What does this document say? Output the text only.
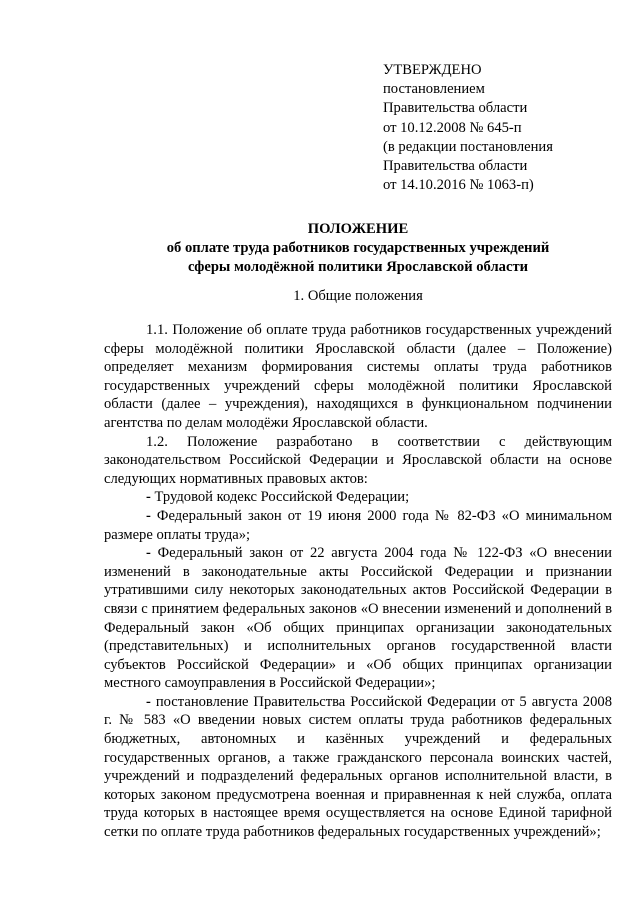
УТВЕРЖДЕНО
постановлением
Правительства области
от 10.12.2008 № 645-п
(в редакции постановления
Правительства области
от 14.10.2016 № 1063-п)
ПОЛОЖЕНИЕ
об оплате труда работников государственных учреждений
сферы молодёжной политики Ярославской области
1. Общие положения

1.1. Положение об оплате труда работников государственных учреждений сферы молодёжной политики Ярославской области (далее – Положение) определяет механизм формирования системы оплаты труда работников государственных учреждений сферы молодёжной политики Ярославской области (далее – учреждения), находящихся в функциональном подчинении агентства по делам молодёжи Ярославской области.

1.2. Положение разработано в соответствии с действующим законодательством Российской Федерации и Ярославской области на основе следующих нормативных правовых актов:

- Трудовой кодекс Российской Федерации;

- Федеральный закон от 19 июня 2000 года № 82-ФЗ «О минимальном размере оплаты труда»;

- Федеральный закон от 22 августа 2004 года № 122-ФЗ «О внесении изменений в законодательные акты Российской Федерации и признании утратившими силу некоторых законодательных актов Российской Федерации в связи с принятием федеральных законов «О внесении изменений и дополнений в Федеральный закон «Об общих принципах организации законодательных (представительных) и исполнительных органов государственной власти субъектов Российской Федерации» и «Об общих принципах организации местного самоуправления в Российской Федерации»;

- постановление Правительства Российской Федерации от 5 августа 2008 г. № 583 «О введении новых систем оплаты труда работников федеральных бюджетных, автономных и казённых учреждений и федеральных государственных органов, а также гражданского персонала воинских частей, учреждений и подразделений федеральных органов исполнительной власти, в которых законом предусмотрена военная и приравненная к ней служба, оплата труда которых в настоящее время осуществляется на основе Единой тарифной сетки по оплате труда работников федеральных государственных учреждений»;
